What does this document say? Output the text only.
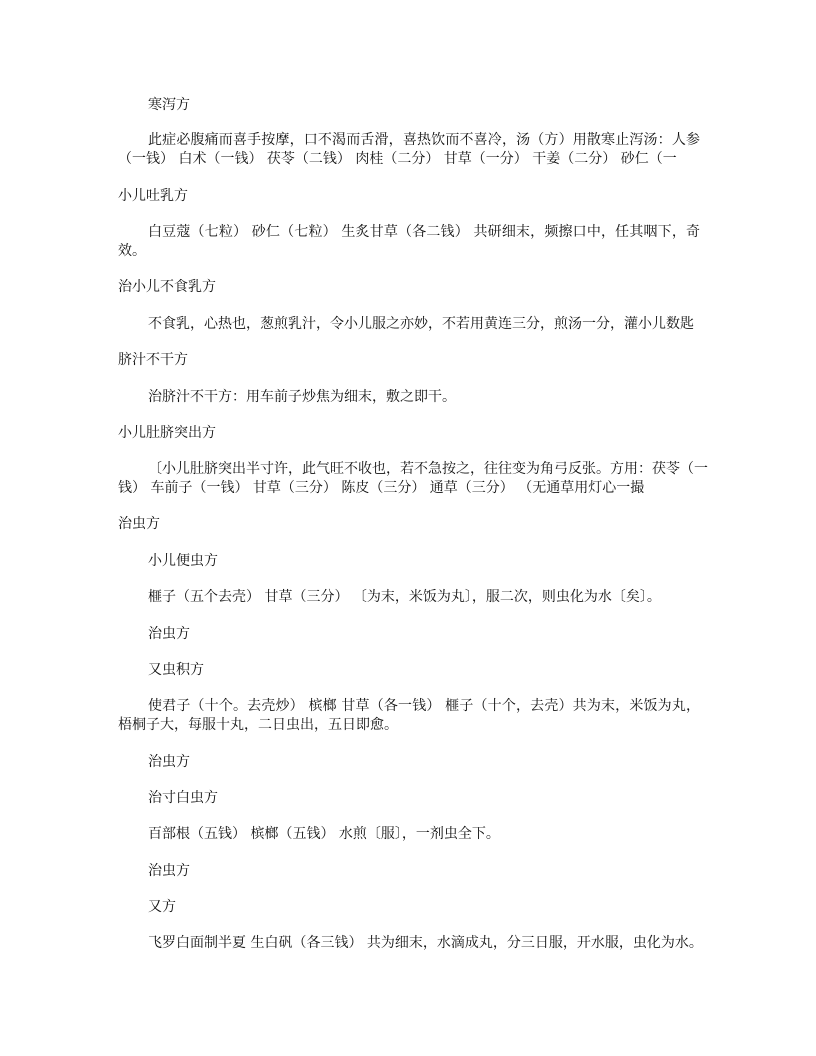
寒泻方
此症必腹痛而喜手按摩，口不渴而舌滑，喜热饮而不喜冷，汤（方）用散寒止泻汤：人参
（一钱） 白术（一钱） 茯苓（二钱） 肉桂（二分） 甘草（一分） 干姜（二分） 砂仁（一
小儿吐乳方
白豆蔻（七粒） 砂仁（七粒） 生炙甘草（各二钱） 共研细末，频擦口中，任其咽下，奇
效。
治小儿不食乳方
不食乳，心热也，葱煎乳汁，令小儿服之亦妙，不若用黄连三分，煎汤一分，灌小儿数匙
脐汁不干方
治脐汁不干方：用车前子炒焦为细末，敷之即干。
小儿肚脐突出方
〔小儿肚脐突出半寸许，此气旺不收也，若不急按之，往往变为角弓反张。方用：茯苓（一
钱） 车前子（一钱） 甘草（三分） 陈皮（三分） 通草（三分） （无通草用灯心一撮
治虫方
小儿便虫方
榧子（五个去壳） 甘草（三分） 〔为末，米饭为丸〕，服二次，则虫化为水〔矣〕。
治虫方
又虫积方
使君子（十个。去壳炒） 槟榔 甘草（各一钱） 榧子（十个，去壳）共为末，米饭为丸，
梧桐子大，每服十丸，二日虫出，五日即愈。
治虫方
治寸白虫方
百部根（五钱） 槟榔（五钱） 水煎〔服〕，一剂虫全下。
治虫方
又方
飞罗白面制半夏 生白矾（各三钱） 共为细末，水滴成丸，分三日服，开水服，虫化为水。
